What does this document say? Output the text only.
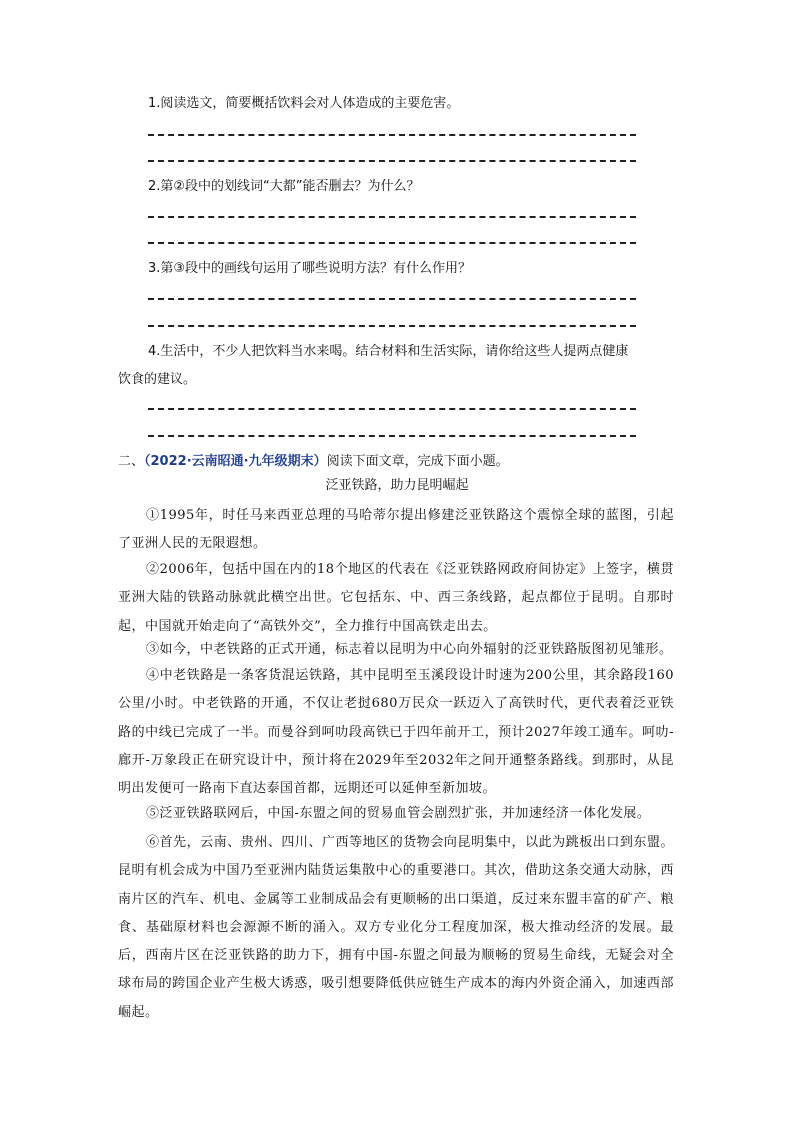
1.阅读选文，简要概括饮料会对人体造成的主要危害。
2.第②段中的划线词“大都”能否删去？为什么？
3.第③段中的画线句运用了哪些说明方法？有什么作用？
4.生活中，不少人把饮料当水来喝。结合材料和生活实际，请你给这些人提两点健康饮食的建议。
二、（2022·云南昭通·九年级期末）阅读下面文章，完成下面小题。
泛亚铁路，助力昆明崛起
①1995年，时任马来西亚总理的马哈蒂尔提出修建泛亚铁路这个震惊全球的蓝图，引起了亚洲人民的无限遐想。
②2006年，包括中国在内的18个地区的代表在《泛亚铁路网政府间协定》上签字，横贯亚洲大陆的铁路动脉就此横空出世。它包括东、中、西三条线路，起点都位于昆明。自那时起，中国就开始走向了“高铁外交”，全力推行中国高铁走出去。
③如今，中老铁路的正式开通，标志着以昆明为中心向外辐射的泛亚铁路版图初见雏形。
④中老铁路是一条客货混运铁路，其中昆明至玉溪段设计时速为200公里，其余路段160公里/小时。中老铁路的开通，不仅让老挝680万民众一跃迈入了高铁时代，更代表着泛亚铁路的中线已完成了一半。而曼谷到呵叻段高铁已于四年前开工，预计2027年竣工通车。呵叻-廊开-万象段正在研究设计中，预计将在2029年至2032年之间开通整条路线。到那时，从昆明出发便可一路南下直达泰国首都，远期还可以延伸至新加坡。
⑤泛亚铁路联网后，中国-东盟之间的贸易血管会剧烈扩张，并加速经济一体化发展。
⑥首先，云南、贵州、四川、广西等地区的货物会向昆明集中，以此为跳板出口到东盟。昆明有机会成为中国乃至亚洲内陆货运集散中心的重要港口。其次，借助这条交通大动脉，西南片区的汽车、机电、金属等工业制成品会有更顺畅的出口渠道，反过来东盟丰富的矿产、粮食、基础原材料也会源源不断的涌入。双方专业化分工程度加深，极大推动经济的发展。最后，西南片区在泛亚铁路的助力下，拥有中国-东盟之间最为顺畅的贸易生命线，无疑会对全球布局的跨国企业产生极大诱惑，吸引想要降低供应链生产成本的海内外资企涌入，加速西部崛起。
